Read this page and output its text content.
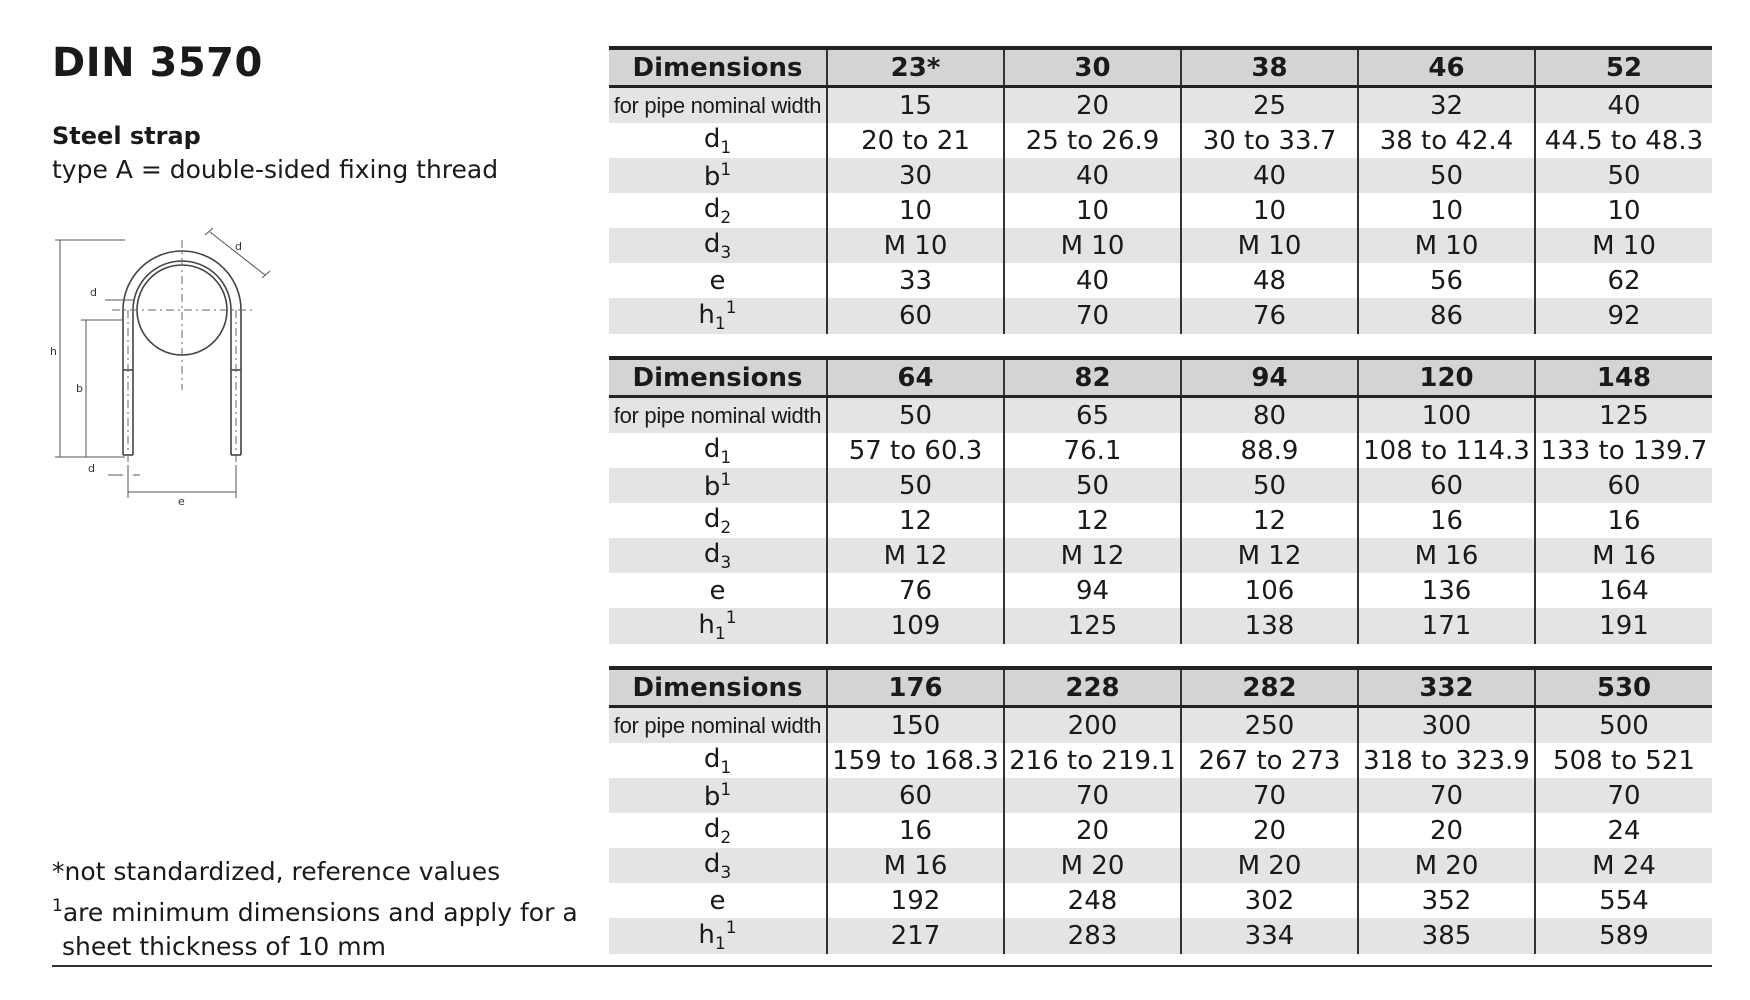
DIN 3570
Steel strap
type A = double-sided fixing thread
d
d
d
h
b
e
Dimensions	23*	30	38	46	52
for pipe nominal width	15	20	25	32	40
$d_1$	20 to 21	25 to 26.9	30 to 33.7	38 to 42.4	44.5 to 48.3
$b^1$	30	40	40	50	50
$d_2$	10	10	10	10	10
$d_3$	M 10	M 10	M 10	M 10	M 10
e	33	40	48	56	62
$h_1^1$	60	70	76	86	92
Dimensions	64	82	94	120	148
for pipe nominal width	50	65	80	100	125
$d_1$	57 to 60.3	76.1	88.9	108 to 114.3	133 to 139.7
$b^1$	50	50	50	60	60
$d_2$	12	12	12	16	16
$d_3$	M 12	M 12	M 12	M 16	M 16
e	76	94	106	136	164
$h_1^1$	109	125	138	171	191
Dimensions	176	228	282	332	530
for pipe nominal width	150	200	250	300	500
$d_1$	159 to 168.3	216 to 219.1	267 to 273	318 to 323.9	508 to 521
$b^1$	60	70	70	70	70
$d_2$	16	20	20	20	24
$d_3$	M 16	M 20	M 20	M 20	M 24
e	192	248	302	352	554
$h_1^1$	217	283	334	385	589
*not standardized, reference values
$^1$are minimum dimensions and apply for a
sheet thickness of 10 mm
